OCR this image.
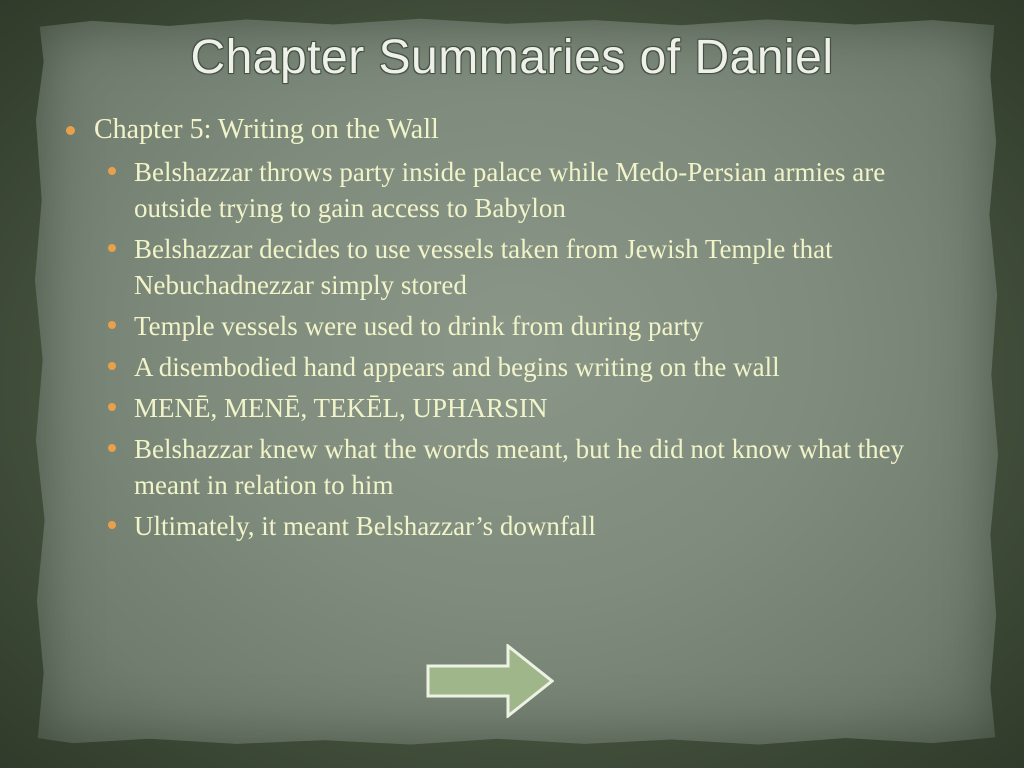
Chapter Summaries of Daniel
Chapter 5: Writing on the Wall
Belshazzar throws party inside palace while Medo-Persian armies are outside trying to gain access to Babylon
Belshazzar decides to use vessels taken from Jewish Temple that Nebuchadnezzar simply stored
Temple vessels were used to drink from during party
A disembodied hand appears and begins writing on the wall
MENĒ, MENĒ, TEKĒL, UPHARSIN
Belshazzar knew what the words meant, but he did not know what they meant in relation to him
Ultimately, it meant Belshazzar’s downfall
